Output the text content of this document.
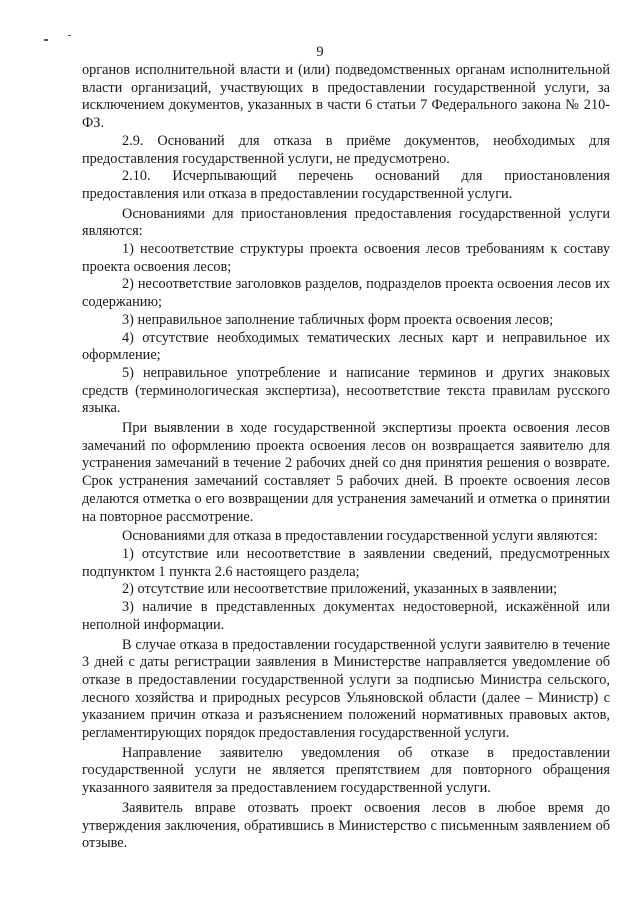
9

органов исполнительной власти и (или) подведомственных органам исполнительной власти организаций, участвующих в предоставлении государственной услуги, за исключением документов, указанных в части 6 статьи 7 Федерального закона № 210-ФЗ.

2.9. Оснований для отказа в приёме документов, необходимых для предоставления государственной услуги, не предусмотрено.

2.10. Исчерпывающий перечень оснований для приостановления предоставления или отказа в предоставлении государственной услуги.

Основаниями для приостановления предоставления государственной услуги являются:

1) несоответствие структуры проекта освоения лесов требованиям к составу проекта освоения лесов;

2) несоответствие заголовков разделов, подразделов проекта освоения лесов их содержанию;

3) неправильное заполнение табличных форм проекта освоения лесов;

4) отсутствие необходимых тематических лесных карт и неправильное их оформление;

5) неправильное употребление и написание терминов и других знаковых средств (терминологическая экспертиза), несоответствие текста правилам русского языка.

При выявлении в ходе государственной экспертизы проекта освоения лесов замечаний по оформлению проекта освоения лесов он возвращается заявителю для устранения замечаний в течение 2 рабочих дней со дня принятия решения о возврате. Срок устранения замечаний составляет 5 рабочих дней. В проекте освоения лесов делаются отметка о его возвращении для устранения замечаний и отметка о принятии на повторное рассмотрение.

Основаниями для отказа в предоставлении государственной услуги являются:

1) отсутствие или несоответствие в заявлении сведений, предусмотренных подпунктом 1 пункта 2.6 настоящего раздела;

2) отсутствие или несоответствие приложений, указанных в заявлении;

3) наличие в представленных документах недостоверной, искажённой или неполной информации.

В случае отказа в предоставлении государственной услуги заявителю в течение 3 дней с даты регистрации заявления в Министерстве направляется уведомление об отказе в предоставлении государственной услуги за подписью Министра сельского, лесного хозяйства и природных ресурсов Ульяновской области (далее – Министр) с указанием причин отказа и разъяснением положений нормативных правовых актов, регламентирующих порядок предоставления государственной услуги.

Направление заявителю уведомления об отказе в предоставлении государственной услуги не является препятствием для повторного обращения указанного заявителя за предоставлением государственной услуги.

Заявитель вправе отозвать проект освоения лесов в любое время до утверждения заключения, обратившись в Министерство с письменным заявлением об отзыве.
